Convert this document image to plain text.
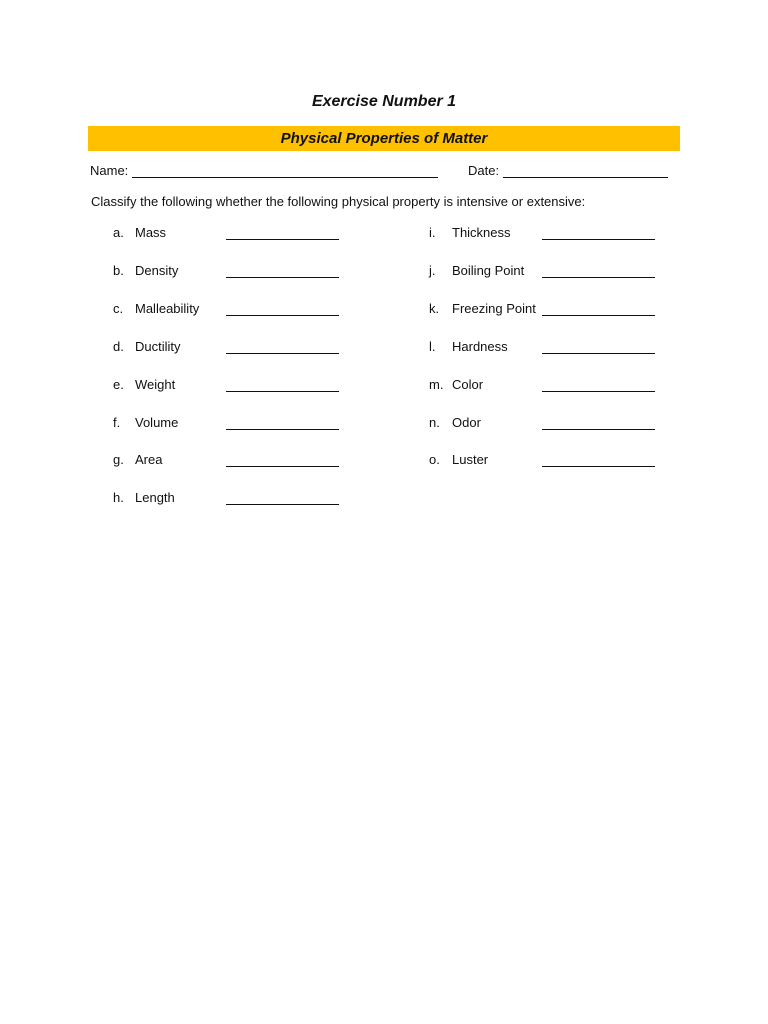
Exercise Number 1
Physical Properties of Matter
Name:	Date:
Classify the following whether the following physical property is intensive or extensive:
a. Mass
b. Density
c. Malleability
d. Ductility
e. Weight
f. Volume
g. Area
h. Length
i. Thickness
j. Boiling Point
k. Freezing Point
l. Hardness
m. Color
n. Odor
o. Luster
